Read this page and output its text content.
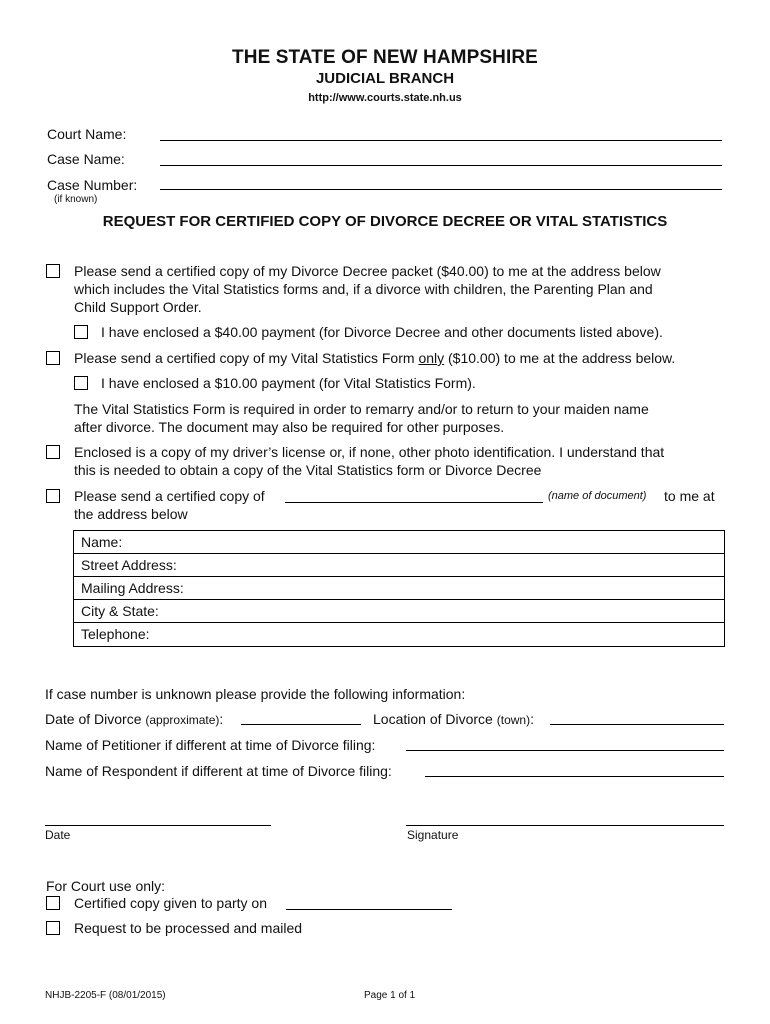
THE STATE OF NEW HAMPSHIRE
JUDICIAL BRANCH
http://www.courts.state.nh.us
Court Name:
Case Name:
Case Number:
(if known)
REQUEST FOR CERTIFIED COPY OF DIVORCE DECREE OR VITAL STATISTICS
Please send a certified copy of my Divorce Decree packet ($40.00) to me at the address below
which includes the Vital Statistics forms and, if a divorce with children, the Parenting Plan and
Child Support Order.
I have enclosed a $40.00 payment (for Divorce Decree and other documents listed above).
Please send a certified copy of my Vital Statistics Form only ($10.00) to me at the address below.
I have enclosed a $10.00 payment (for Vital Statistics Form).
The Vital Statistics Form is required in order to remarry and/or to return to your maiden name
after divorce. The document may also be required for other purposes.
Enclosed is a copy of my driver’s license or, if none, other photo identification. I understand that
this is needed to obtain a copy of the Vital Statistics form or Divorce Decree
Please send a certified copy of	(name of document) to me at
the address below
Name:
Street Address:
Mailing Address:
City & State:
Telephone:
If case number is unknown please provide the following information:
Date of Divorce (approximate):	Location of Divorce (town):
Name of Petitioner if different at time of Divorce filing:
Name of Respondent if different at time of Divorce filing:
Date	Signature
For Court use only:
Certified copy given to party on
Request to be processed and mailed
NHJB-2205-F (08/01/2015)	Page 1 of 1
